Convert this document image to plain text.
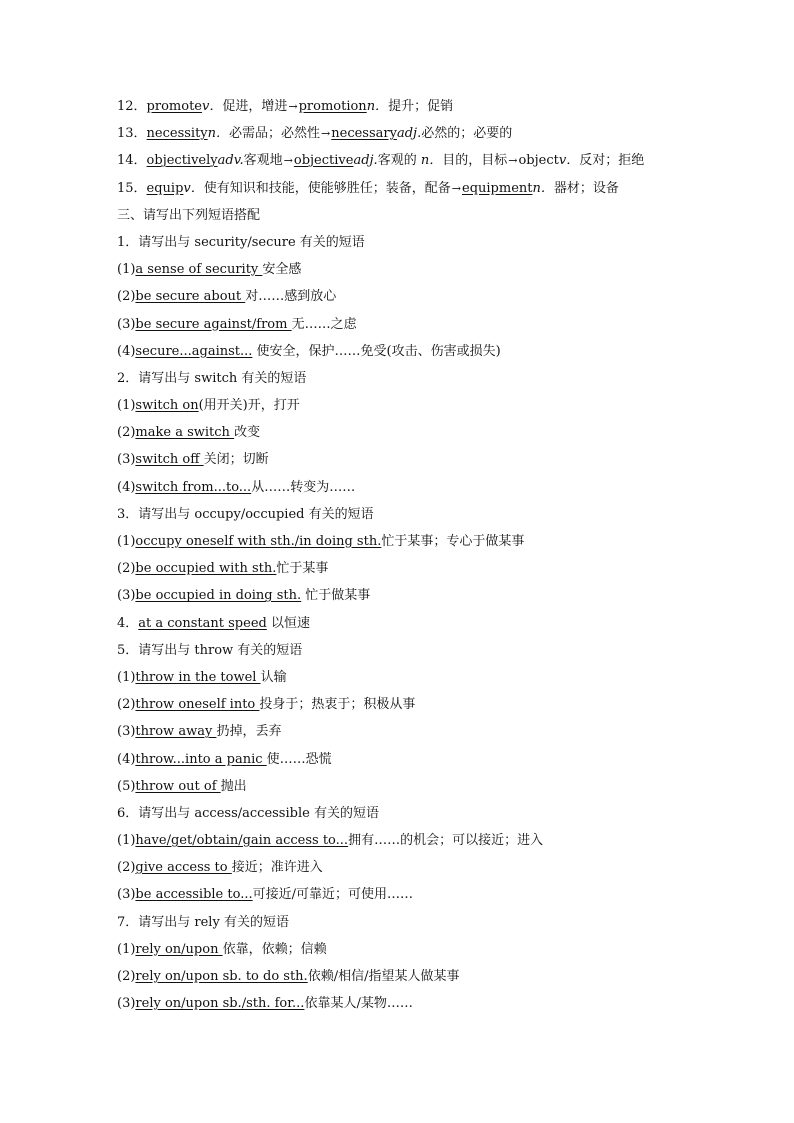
12．promotev．促进，增进→promotionn．提升；促销
13．necessityn．必需品；必然性→necessaryadj.必然的；必要的
14．objectivelyadv.客观地→objectiveadj.客观的 n．目的，目标→objectv．反对；拒绝
15．equipv．使有知识和技能，使能够胜任；装备，配备→equipmentn．器材；设备
三、请写出下列短语搭配
1．请写出与 security/secure 有关的短语
(1)a sense of security 安全感
(2)be secure about 对……感到放心
(3)be secure against/from 无……之虑
(4)secure...against... 使安全，保护……免受(攻击、伤害或损失)
2．请写出与 switch 有关的短语
(1)switch on(用开关)开，打开
(2)make a switch 改变
(3)switch off 关闭；切断
(4)switch from...to...从……转变为……
3．请写出与 occupy/occupied 有关的短语
(1)occupy oneself with sth./in doing sth.忙于某事；专心于做某事
(2)be occupied with sth.忙于某事
(3)be occupied in doing sth. 忙于做某事
4．at a constant speed 以恒速
5．请写出与 throw 有关的短语
(1)throw in the towel 认输
(2)throw oneself into 投身于；热衷于；积极从事
(3)throw away 扔掉，丢弃
(4)throw...into a panic 使……恐慌
(5)throw out of 抛出
6．请写出与 access/accessible 有关的短语
(1)have/get/obtain/gain access to...拥有……的机会；可以接近；进入
(2)give access to 接近；准许进入
(3)be accessible to...可接近/可靠近；可使用……
7．请写出与 rely 有关的短语
(1)rely on/upon 依靠，依赖；信赖
(2)rely on/upon sb. to do sth.依赖/相信/指望某人做某事
(3)rely on/upon sb./sth. for...依靠某人/某物……
